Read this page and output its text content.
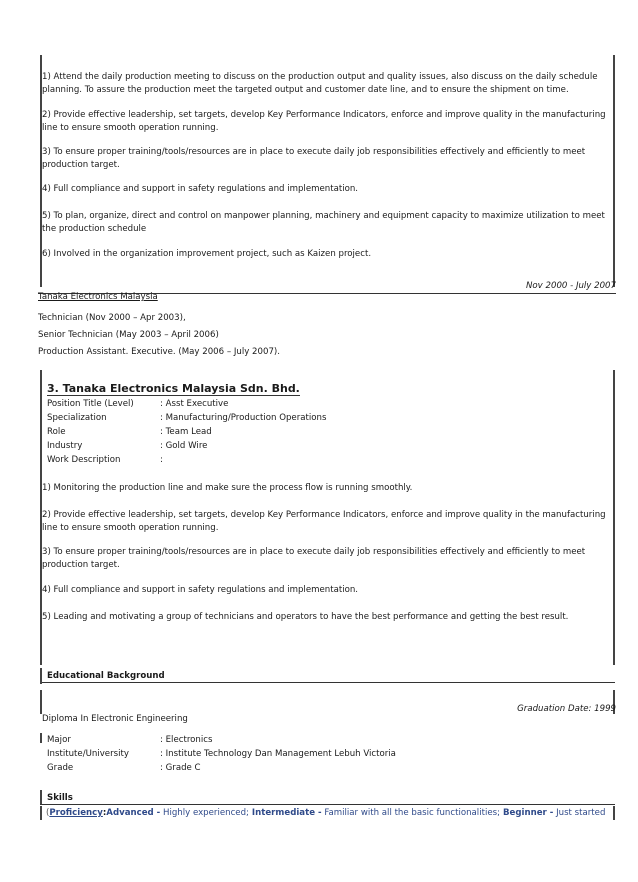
1) Attend the daily production meeting to discuss on the production output and quality issues, also discuss on the daily schedule planning. To assure the production meet the targeted output and customer date line, and to ensure the shipment on time.
2) Provide effective leadership, set targets, develop Key Performance Indicators, enforce and improve quality in the manufacturing line to ensure smooth operation running.
3) To ensure proper training/tools/resources are in place to execute daily job responsibilities effectively and efficiently to meet production target.
4) Full compliance and support in safety regulations and implementation.
5) To plan, organize, direct and control on manpower planning, machinery and equipment capacity to maximize utilization to meet the production schedule
6) Involved in the organization improvement project, such as Kaizen project.
Nov 2000 - July 2007
Tanaka Electronics Malaysia
Technician (Nov 2000 – Apr 2003),
Senior Technician (May 2003 – April 2006)
Production Assistant. Executive. (May 2006 – July 2007).
3. Tanaka Electronics Malaysia Sdn. Bhd.
Position Title (Level)	: Asst Executive
Specialization	: Manufacturing/Production Operations
Role	: Team Lead
Industry	: Gold Wire
Work Description	:
1) Monitoring the production line and make sure the process flow is running smoothly.
2) Provide effective leadership, set targets, develop Key Performance Indicators, enforce and improve quality in the manufacturing line to ensure smooth operation running.
3) To ensure proper training/tools/resources are in place to execute daily job responsibilities effectively and efficiently to meet production target.
4) Full compliance and support in safety regulations and implementation.
5) Leading and motivating a group of technicians and operators to have the best performance and getting the best result.
Educational Background
Graduation Date: 1999
Diploma In Electronic Engineering
Major	: Electronics
Institute/University	: Institute Technology Dan Management Lebuh Victoria
Grade	: Grade C
Skills
(Proficiency:Advanced - Highly experienced; Intermediate - Familiar with all the basic functionalities; Beginner - Just started
